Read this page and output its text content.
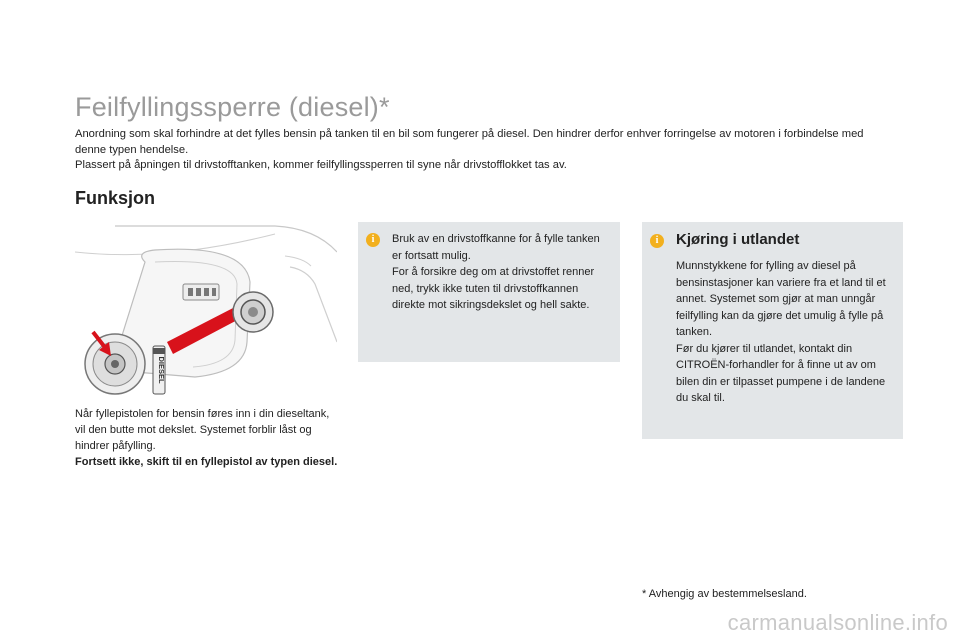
Feilfyllingssperre (diesel)*

Anordning som skal forhindre at det fylles bensin på tanken til en bil som fungerer på diesel. Den hindrer derfor enhver forringelse av motoren i forbindelse med denne typen hendelse.

Plassert på åpningen til drivstofftanken, kommer feilfyllingssperren til syne når drivstofflokket tas av.

Funksjon
DIESEL

Når fyllepistolen for bensin føres inn i din dieseltank, vil den butte mot dekslet. Systemet forblir låst og hindrer påfylling.

Fortsett ikke, skift til en fyllepistol av typen diesel.

i	Bruk av en drivstoffkanne for å fylle tanken er fortsatt mulig.

For å forsikre deg om at drivstoffet renner ned, trykk ikke tuten til drivstoffkannen direkte mot sikringsdekslet og hell sakte.

i	Kjøring i utlandet

Munnstykkene for fylling av diesel på bensinstasjoner kan variere fra et land til et annet. Systemet som gjør at man unngår feilfylling kan da gjøre det umulig å fylle på tanken.

Før du kjører til utlandet, kontakt din CITROËN-forhandler for å finne ut av om bilen din er tilpasset pumpene i de landene du skal til.

* Avhengig av bestemmelsesland.
carmanualsonline.info
